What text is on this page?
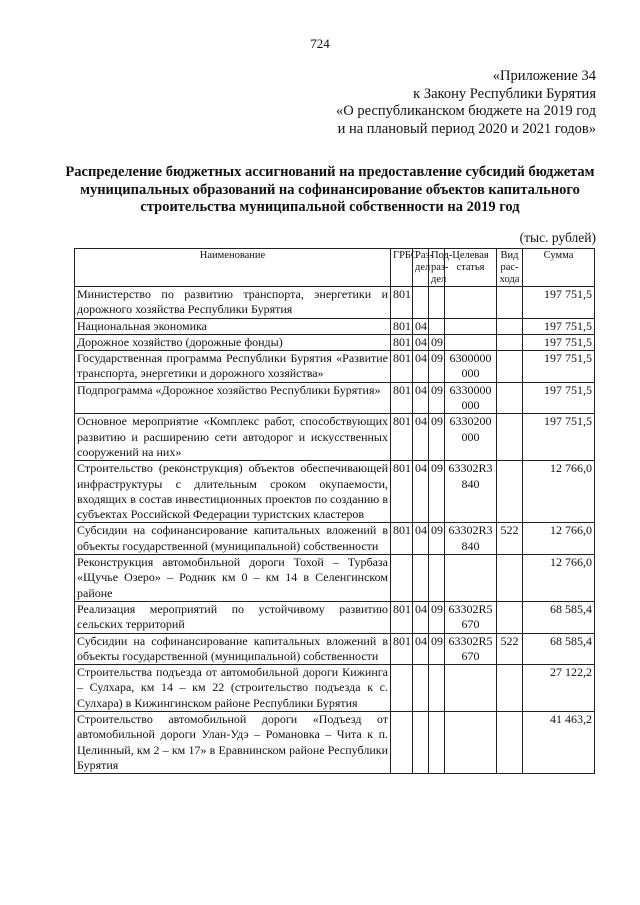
724
«Приложение 34
к Закону Республики Бурятия
«О республиканском бюджете на 2019 год
и на плановый период 2020 и 2021 годов»
Распределение бюджетных ассигнований на предоставление субсидий бюджетам муниципальных образований на софинансирование объектов капитального строительства муниципальной собственности на 2019 год
(тыс. рублей)
Наименование	ГРБС	Раз-дел	Под-раз-дел	Целевая статья	Вид рас-хода	Сумма
Министерство по развитию транспорта, энергетики и дорожного хозяйства Республики Бурятия	801					197 751,5
Национальная экономика	801	04				197 751,5
Дорожное хозяйство (дорожные фонды)	801	04	09			197 751,5
Государственная программа Республики Бурятия «Развитие транспорта, энергетики и дорожного хозяйства»	801	04	09	6300000 000		197 751,5
Подпрограмма «Дорожное хозяйство Республики Бурятия»	801	04	09	6330000 000		197 751,5
Основное мероприятие «Комплекс работ, способствующих развитию и расширению сети автодорог и искусственных сооружений на них»	801	04	09	6330200 000		197 751,5
Строительство (реконструкция) объектов обеспечивающей инфраструктуры с длительным сроком окупаемости, входящих в состав инвестиционных проектов по созданию в субъектах Российской Федерации туристских кластеров	801	04	09	63302R3 840		12 766,0
Субсидии на софинансирование капитальных вложений в объекты государственной (муниципальной) собственности	801	04	09	63302R3 840	522	12 766,0
Реконструкция автомобильной дороги Тохой – Турбаза «Щучье Озеро» – Родник км 0 – км 14 в Селенгинском районе						12 766,0
Реализация мероприятий по устойчивому развитию сельских территорий	801	04	09	63302R5 670		68 585,4
Субсидии на софинансирование капитальных вложений в объекты государственной (муниципальной) собственности	801	04	09	63302R5 670	522	68 585,4
Строительства подъезда от автомобильной дороги Кижинга – Сулхара, км 14 – км 22 (строительство подъезда к с. Сулхара) в Кижингинском районе Республики Бурятия						27 122,2
Строительство автомобильной дороги «Подъезд от автомобильной дороги Улан-Удэ – Романовка – Чита к п. Целинный, км 2 – км 17» в Еравнинском районе Республики Бурятия						41 463,2
